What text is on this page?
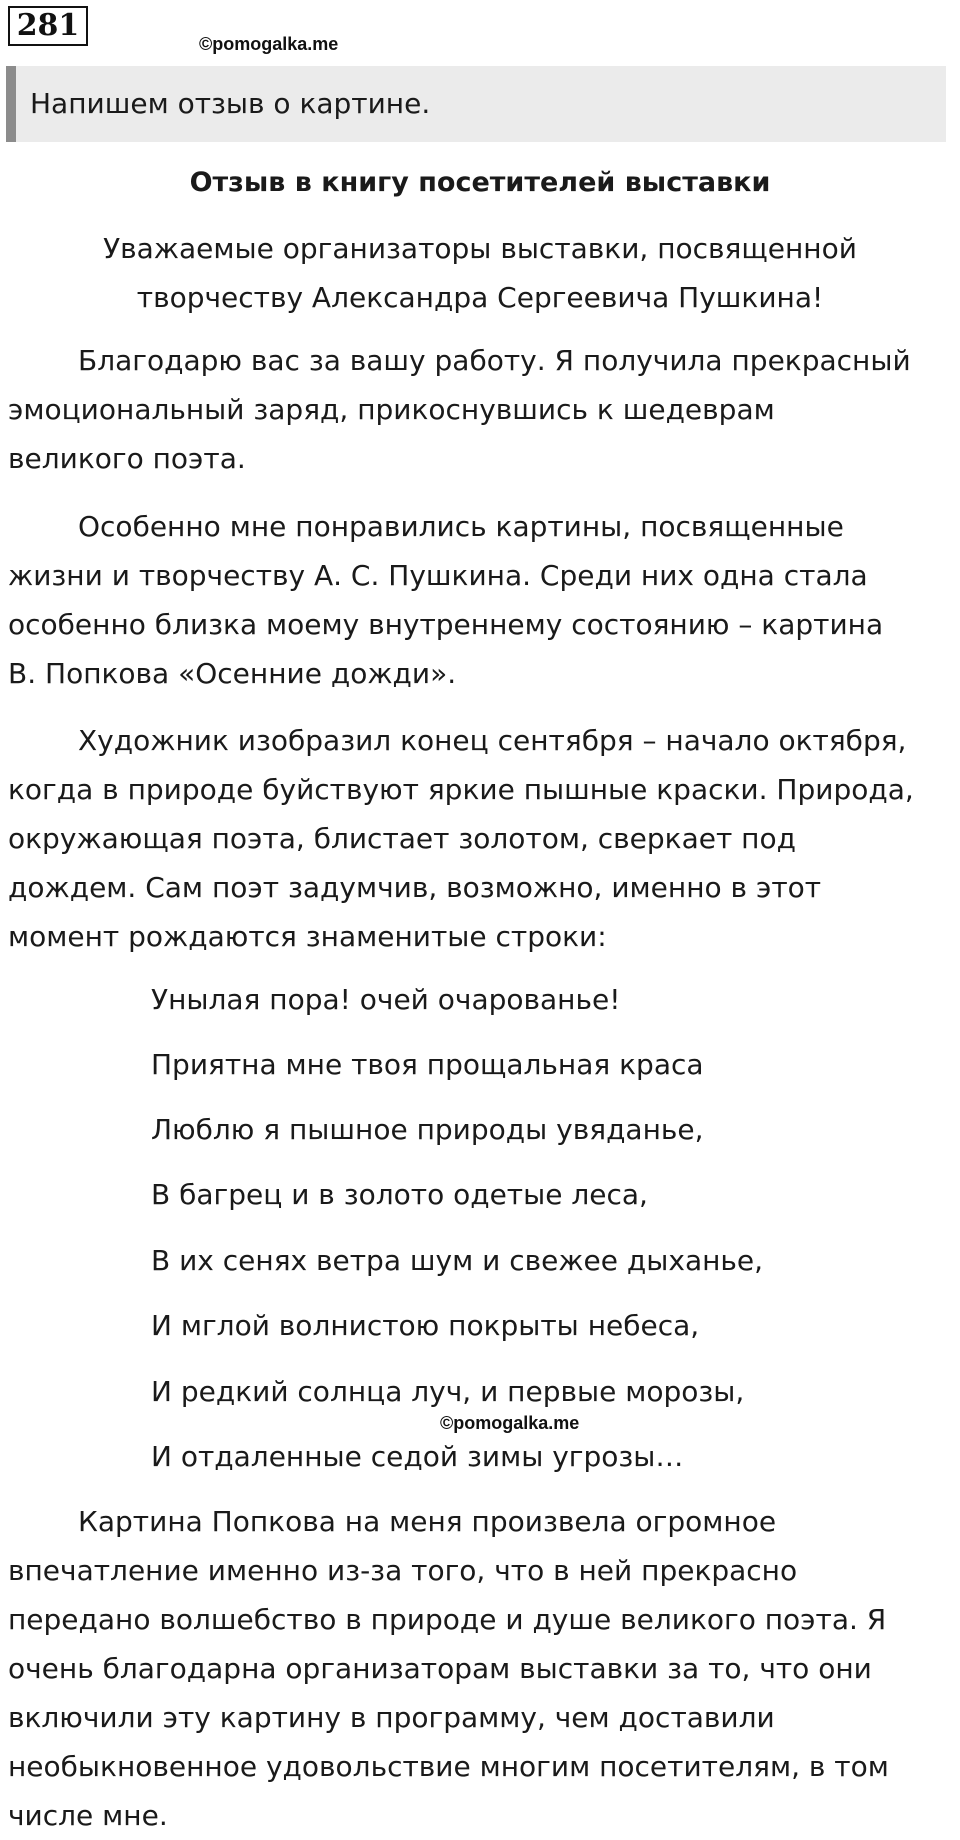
281
©pomogalka.me
Напишем отзыв о картине.
Отзыв в книгу посетителей выставки
Уважаемые организаторы выставки, посвященной
творчеству Александра Сергеевича Пушкина!
Благодарю вас за вашу работу. Я получила прекрасный
эмоциональный заряд, прикоснувшись к шедеврам
великого поэта.
Особенно мне понравились картины, посвященные
жизни и творчеству А. С. Пушкина. Среди них одна стала
особенно близка моему внутреннему состоянию – картина
В. Попкова «Осенние дожди».
Художник изобразил конец сентября – начало октября,
когда в природе буйствуют яркие пышные краски. Природа,
окружающая поэта, блистает золотом, сверкает под
дождем. Сам поэт задумчив, возможно, именно в этот
момент рождаются знаменитые строки:
Унылая пора! очей очарованье!
Приятна мне твоя прощальная краса
Люблю я пышное природы увяданье,
В багрец и в золото одетые леса,
В их сенях ветра шум и свежее дыханье,
И мглой волнистою покрыты небеса,
И редкий солнца луч, и первые морозы,
©pomogalka.me
И отдаленные седой зимы угрозы…
Картина Попкова на меня произвела огромное
впечатление именно из-за того, что в ней прекрасно
передано волшебство в природе и душе великого поэта. Я
очень благодарна организаторам выставки за то, что они
включили эту картину в программу, чем доставили
необыкновенное удовольствие многим посетителям, в том
числе мне.
